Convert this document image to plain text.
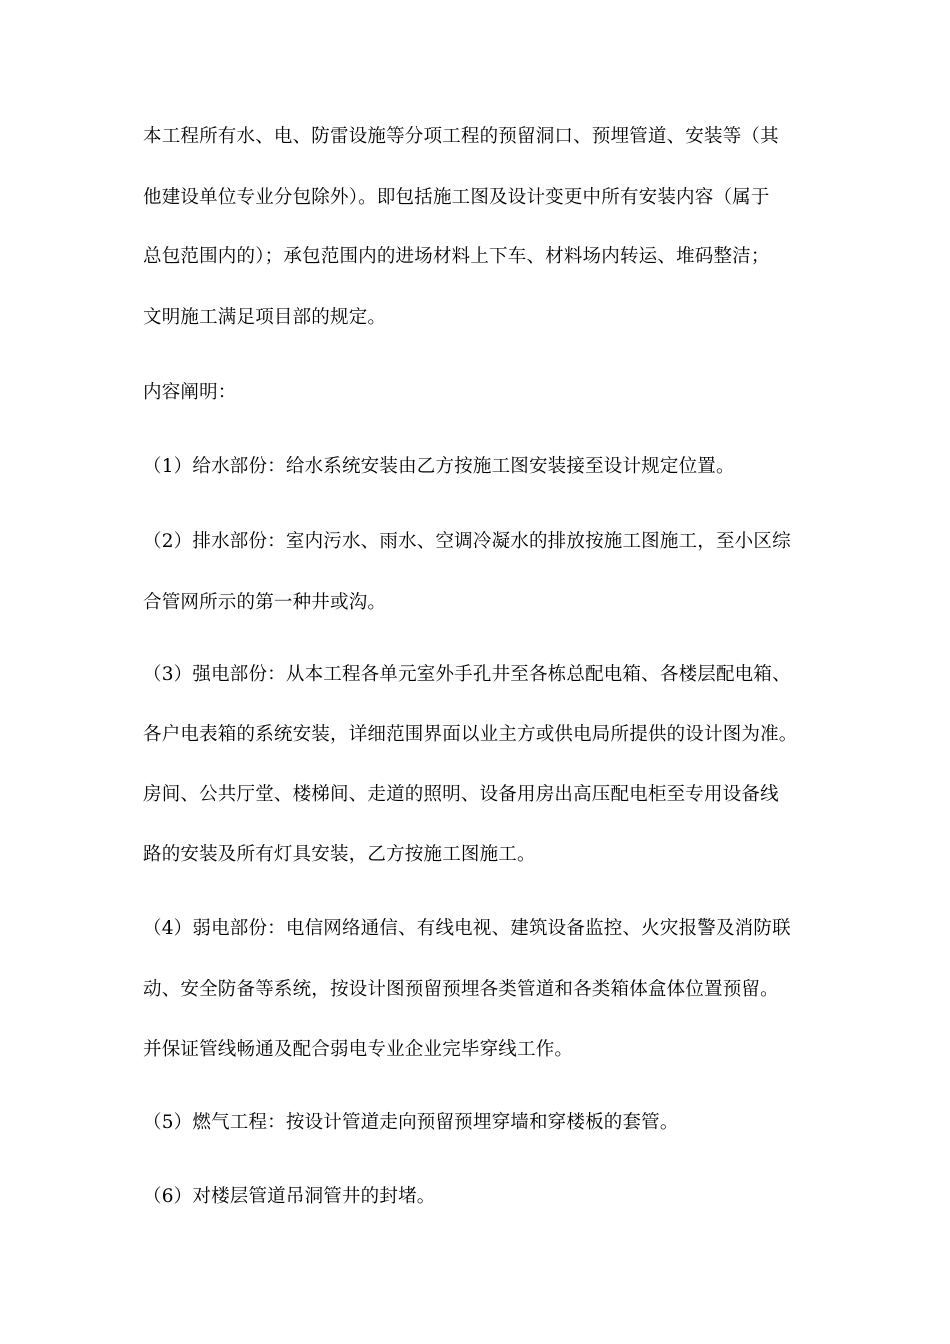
本工程所有水、电、防雷设施等分项工程的预留洞口、预埋管道、安装等（其

他建设单位专业分包除外）。即包括施工图及设计变更中所有安装内容（属于

总包范围内的）；承包范围内的进场材料上下车、材料场内转运、堆码整洁；

文明施工满足项目部的规定。

内容阐明：

（1）给水部份：给水系统安装由乙方按施工图安装接至设计规定位置。

（2）排水部份：室内污水、雨水、空调冷凝水的排放按施工图施工，至小区综

合管网所示的第一种井或沟。

（3）强电部份：从本工程各单元室外手孔井至各栋总配电箱、各楼层配电箱、

各户电表箱的系统安装，详细范围界面以业主方或供电局所提供的设计图为准。

房间、公共厅堂、楼梯间、走道的照明、设备用房出高压配电柜至专用设备线

路的安装及所有灯具安装，乙方按施工图施工。

（4）弱电部份：电信网络通信、有线电视、建筑设备监控、火灾报警及消防联

动、安全防备等系统，按设计图预留预埋各类管道和各类箱体盒体位置预留。

并保证管线畅通及配合弱电专业企业完毕穿线工作。

（5）燃气工程：按设计管道走向预留预埋穿墙和穿楼板的套管。

（6）对楼层管道吊洞管井的封堵。
